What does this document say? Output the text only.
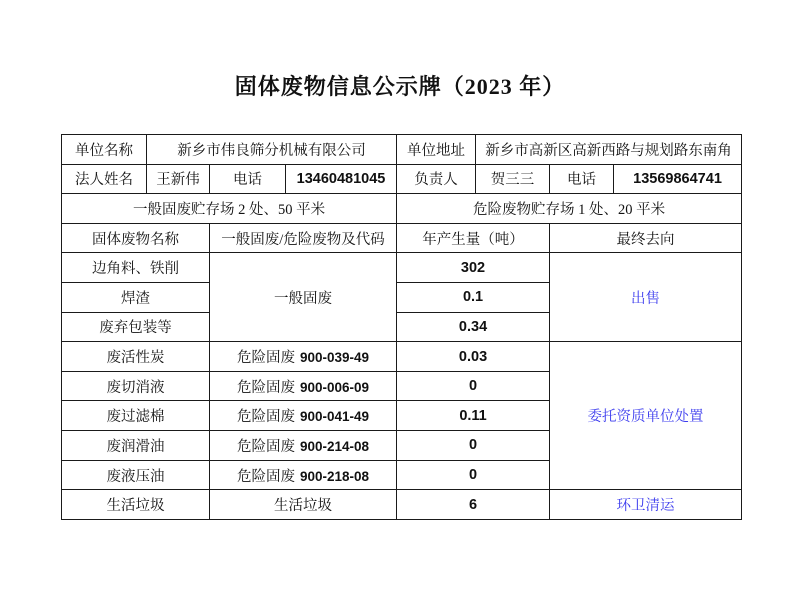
固体废物信息公示牌（2023 年）
单位名称	新乡市伟良筛分机械有限公司			单位地址	新乡市高新区高新西路与规划路东南角		
法人姓名	王新伟	电话	13460481045	负责人	贺三三	电话	13569864741
一般固废贮存场 2 处、50 平米				危险废物贮存场 1 处、20 平米			
固体废物名称		一般固废/危险废物及代码		年产生量（吨）		最终去向	
边角料、铁削		一般固废		302		出售	
焊渣				0.1			
废弃包装等				0.34			
废活性炭		危险固废 900-039-49		0.03		委托资质单位处置	
废切消液		危险固废 900-006-09		0			
废过滤棉		危险固废 900-041-49		0.11			
废润滑油		危险固废 900-214-08		0			
废液压油		危险固废 900-218-08		0			
生活垃圾		生活垃圾		6		环卫清运	
